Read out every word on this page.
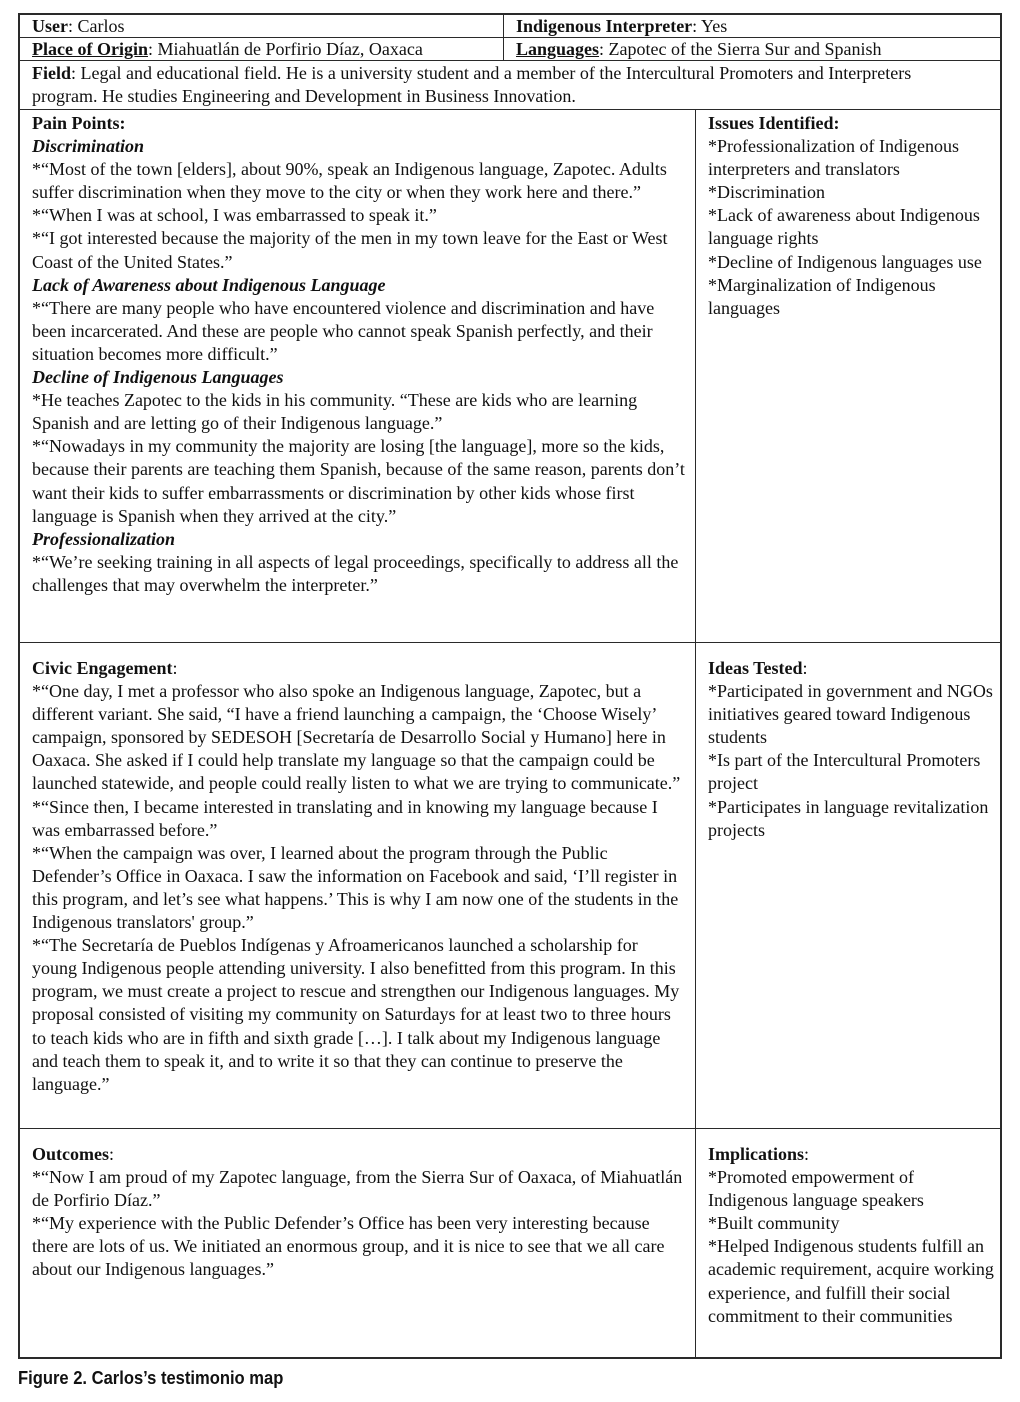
User: Carlos	Indigenous Interpreter: Yes
Place of Origin: Miahuatlán de Porfirio Díaz, Oaxaca	Languages: Zapotec of the Sierra Sur and Spanish
Field: Legal and educational field. He is a university student and a member of the Intercultural Promoters and Interpreters program. He studies Engineering and Development in Business Innovation.
Pain Points:
Discrimination

*“Most of the town [elders], about 90%, speak an Indigenous language, Zapotec. Adults suffer discrimination when they move to the city or when they work here and there.”

*“When I was at school, I was embarrassed to speak it.”

*“I got interested because the majority of the men in my town leave for the East or West Coast of the United States.”

Lack of Awareness about Indigenous Language

*“There are many people who have encountered violence and discrimination and have been incarcerated. And these are people who cannot speak Spanish perfectly, and their situation becomes more difficult.”

Decline of Indigenous Languages

*He teaches Zapotec to the kids in his community. “These are kids who are learning Spanish and are letting go of their Indigenous language.”

*“Nowadays in my community the majority are losing [the language], more so the kids, because their parents are teaching them Spanish, because of the same reason, parents don’t want their kids to suffer embarrassments or discrimination by other kids whose first language is Spanish when they arrived at the city.”

Professionalization

*“We’re seeking training in all aspects of legal proceedings, specifically to address all the challenges that may overwhelm the interpreter.”

Issues Identified:

*Professionalization of Indigenous interpreters and translators

*Discrimination

*Lack of awareness about Indigenous language rights

*Decline of Indigenous languages use

*Marginalization of Indigenous languages

Civic Engagement:

*“One day, I met a professor who also spoke an Indigenous language, Zapotec, but a different variant. She said, “I have a friend launching a campaign, the ‘Choose Wisely’ campaign, sponsored by SEDESOH [Secretaría de Desarrollo Social y Humano] here in Oaxaca. She asked if I could help translate my language so that the campaign could be launched statewide, and people could really listen to what we are trying to communicate.”

*“Since then, I became interested in translating and in knowing my language because I was embarrassed before.”

*“When the campaign was over, I learned about the program through the Public Defender’s Office in Oaxaca. I saw the information on Facebook and said, ‘I’ll register in this program, and let’s see what happens.’ This is why I am now one of the students in the Indigenous translators' group.”

*“The Secretaría de Pueblos Indígenas y Afroamericanos launched a scholarship for young Indigenous people attending university. I also benefitted from this program. In this program, we must create a project to rescue and strengthen our Indigenous languages. My proposal consisted of visiting my community on Saturdays for at least two to three hours to teach kids who are in fifth and sixth grade […]. I talk about my Indigenous language and teach them to speak it, and to write it so that they can continue to preserve the language.”

Ideas Tested:

*Participated in government and NGOs initiatives geared toward Indigenous students

*Is part of the Intercultural Promoters project

*Participates in language revitalization projects

Outcomes:

*“Now I am proud of my Zapotec language, from the Sierra Sur of Oaxaca, of Miahuatlán de Porfirio Díaz.”

*“My experience with the Public Defender’s Office has been very interesting because there are lots of us. We initiated an enormous group, and it is nice to see that we all care about our Indigenous languages.”

Implications:

*Promoted empowerment of Indigenous language speakers

*Built community

*Helped Indigenous students fulfill an academic requirement, acquire working experience, and fulfill their social commitment to their communities

Figure 2. Carlos’s testimonio map
